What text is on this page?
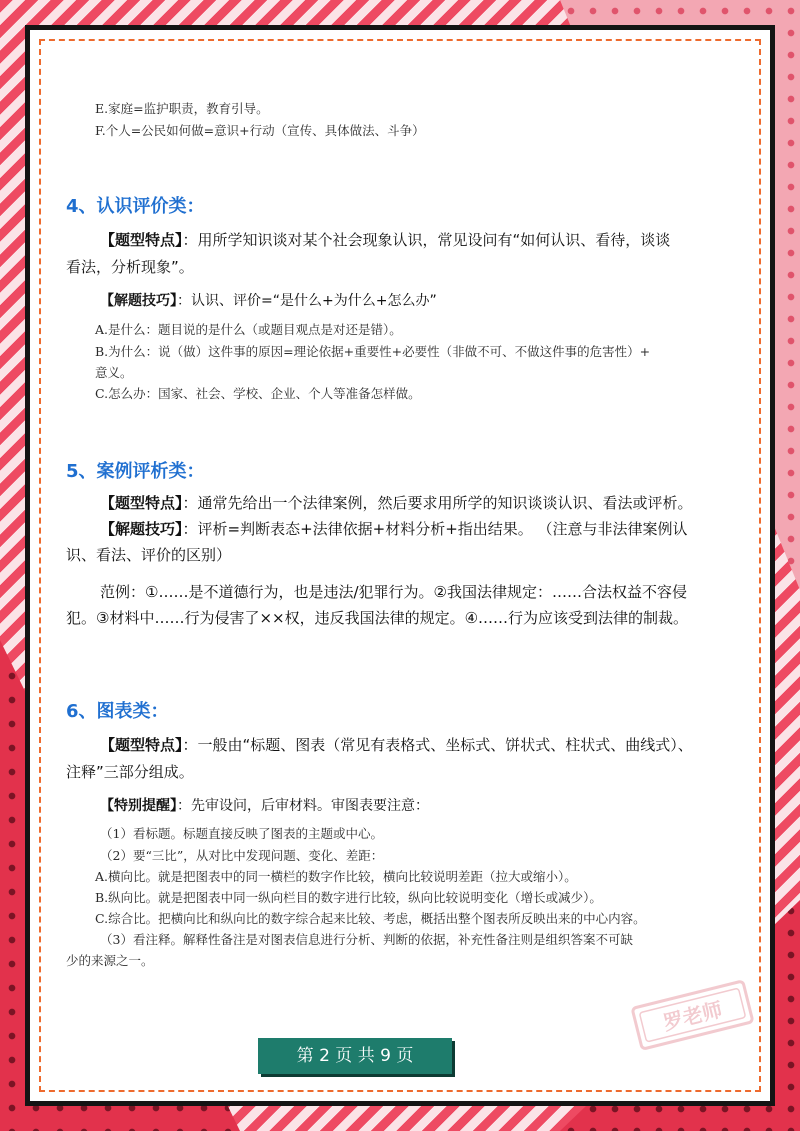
E.家庭=监护职责，教育引导。
F.个人=公民如何做=意识+行动（宣传、具体做法、斗争）
4、认识评价类：
【题型特点】：用所学知识谈对某个社会现象认识，常见设问有“如何认识、看待，谈谈
看法，分析现象”。
【解题技巧】：认识、评价=“是什么+为什么+怎么办”
A.是什么：题目说的是什么（或题目观点是对还是错）。
B.为什么：说（做）这件事的原因=理论依据+重要性+必要性（非做不可、不做这件事的危害性）+
意义。
C.怎么办：国家、社会、学校、企业、个人等准备怎样做。
5、案例评析类：
【题型特点】：通常先给出一个法律案例，然后要求用所学的知识谈谈认识、看法或评析。
【解题技巧】：评析=判断表态+法律依据+材料分析+指出结果。 （注意与非法律案例认
识、看法、评价的区别）
范例：①……是不道德行为，也是违法/犯罪行为。②我国法律规定：……合法权益不容侵
犯。③材料中……行为侵害了××权，违反我国法律的规定。④……行为应该受到法律的制裁。
6、图表类：
【题型特点】：一般由“标题、图表（常见有表格式、坐标式、饼状式、柱状式、曲线式）、
注释”三部分组成。
【特别提醒】：先审设问，后审材料。审图表要注意：
（1）看标题。标题直接反映了图表的主题或中心。
（2）要“三比”，从对比中发现问题、变化、差距：
A.横向比。就是把图表中的同一横栏的数字作比较，横向比较说明差距（拉大或缩小）。
B.纵向比。就是把图表中同一纵向栏目的数字进行比较，纵向比较说明变化（增长或减少）。
C.综合比。把横向比和纵向比的数字综合起来比较、考虑，概括出整个图表所反映出来的中心内容。
（3）看注释。解释性备注是对图表信息进行分析、判断的依据，补充性备注则是组织答案不可缺
少的来源之一。
罗老师
第 2 页 共 9 页
